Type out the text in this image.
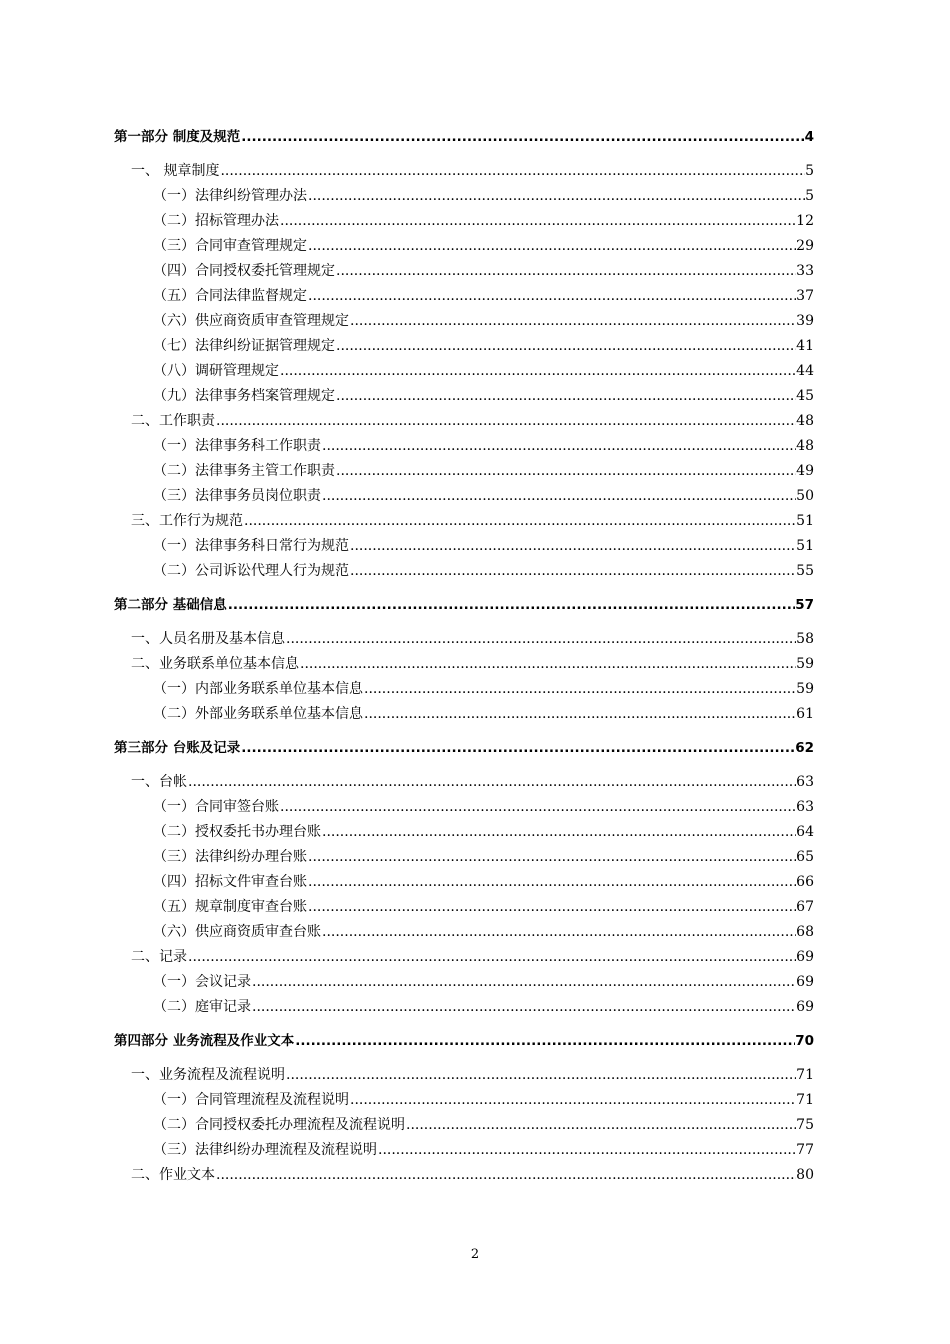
第一部分 制度及规范 .....	4
一、 规章制度 .....	5
（一）法律纠纷管理办法 .....	5
（二）招标管理办法 .....	12
（三）合同审查管理规定 .....	29
（四）合同授权委托管理规定 .....	33
（五）合同法律监督规定 .....	37
（六）供应商资质审查管理规定 .....	39
（七）法律纠纷证据管理规定 .....	41
（八）调研管理规定 .....	44
（九）法律事务档案管理规定 .....	45
二、工作职责 .....	48
（一）法律事务科工作职责 .....	48
（二）法律事务主管工作职责 .....	49
（三）法律事务员岗位职责 .....	50
三、工作行为规范 .....	51
（一）法律事务科日常行为规范 .....	51
（二）公司诉讼代理人行为规范 .....	55
第二部分 基础信息 .....	57
一、人员名册及基本信息 .....	58
二、业务联系单位基本信息 .....	59
（一）内部业务联系单位基本信息 .....	59
（二）外部业务联系单位基本信息 .....	61
第三部分 台账及记录 .....	62
一、台帐 .....	63
（一）合同审签台账 .....	63
（二）授权委托书办理台账 .....	64
（三）法律纠纷办理台账 .....	65
（四）招标文件审查台账 .....	66
（五）规章制度审查台账 .....	67
（六）供应商资质审查台账 .....	68
二、记录 .....	69
（一）会议记录 .....	69
（二）庭审记录 .....	69
第四部分 业务流程及作业文本 .....	70
一、业务流程及流程说明 .....	71
（一）合同管理流程及流程说明 .....	71
（二）合同授权委托办理流程及流程说明 .....	75
（三）法律纠纷办理流程及流程说明 .....	77
二、作业文本 .....	80
2
